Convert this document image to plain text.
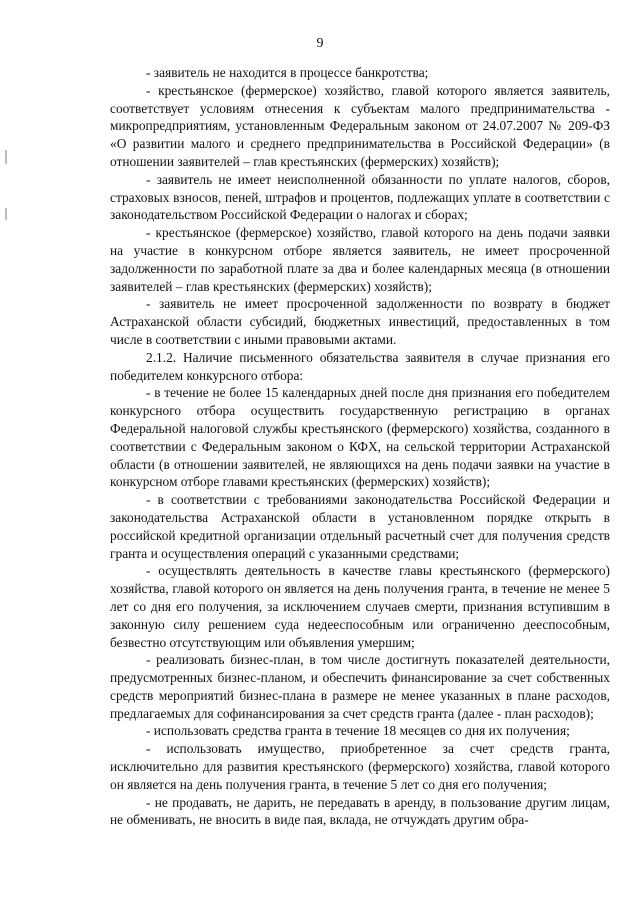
9

- заявитель не находится в процессе банкротства;

- крестьянское (фермерское) хозяйство, главой которого является заявитель, соответствует условиям отнесения к субъектам малого предпринимательства - микропредприятиям, установленным Федеральным законом от 24.07.2007 № 209-ФЗ «О развитии малого и среднего предпринимательства в Российской Федерации» (в отношении заявителей – глав крестьянских (фермерских) хозяйств);

- заявитель не имеет неисполненной обязанности по уплате налогов, сборов, страховых взносов, пеней, штрафов и процентов, подлежащих уплате в соответствии с законодательством Российской Федерации о налогах и сборах;

- крестьянское (фермерское) хозяйство, главой которого на день подачи заявки на участие в конкурсном отборе является заявитель, не имеет просроченной задолженности по заработной плате за два и более календарных месяца (в отношении заявителей – глав крестьянских (фермерских) хозяйств);

- заявитель не имеет просроченной задолженности по возврату в бюджет Астраханской области субсидий, бюджетных инвестиций, предоставленных в том числе в соответствии с иными правовыми актами.

2.1.2. Наличие письменного обязательства заявителя в случае признания его победителем конкурсного отбора:

- в течение не более 15 календарных дней после дня признания его победителем конкурсного отбора осуществить государственную регистрацию в органах Федеральной налоговой службы крестьянского (фермерского) хозяйства, созданного в соответствии с Федеральным законом о КФХ, на сельской территории Астраханской области (в отношении заявителей, не являющихся на день подачи заявки на участие в конкурсном отборе главами крестьянских (фермерских) хозяйств);

- в соответствии с требованиями законодательства Российской Федерации и законодательства Астраханской области в установленном порядке открыть в российской кредитной организации отдельный расчетный счет для получения средств гранта и осуществления операций с указанными средствами;

- осуществлять деятельность в качестве главы крестьянского (фермерского) хозяйства, главой которого он является на день получения гранта, в течение не менее 5 лет со дня его получения, за исключением случаев смерти, признания вступившим в законную силу решением суда недееспособным или ограниченно дееспособным, безвестно отсутствующим или объявления умершим;

- реализовать бизнес-план, в том числе достигнуть показателей деятельности, предусмотренных бизнес-планом, и обеспечить финансирование за счет собственных средств мероприятий бизнес-плана в размере не менее указанных в плане расходов, предлагаемых для софинансирования за счет средств гранта (далее - план расходов);

- использовать средства гранта в течение 18 месяцев со дня их получения;

- использовать имущество, приобретенное за счет средств гранта, исключительно для развития крестьянского (фермерского) хозяйства, главой которого он является на день получения гранта, в течение 5 лет со дня его получения;

- не продавать, не дарить, не передавать в аренду, в пользование другим лицам, не обменивать, не вносить в виде пая, вклада, не отчуждать другим обра-
